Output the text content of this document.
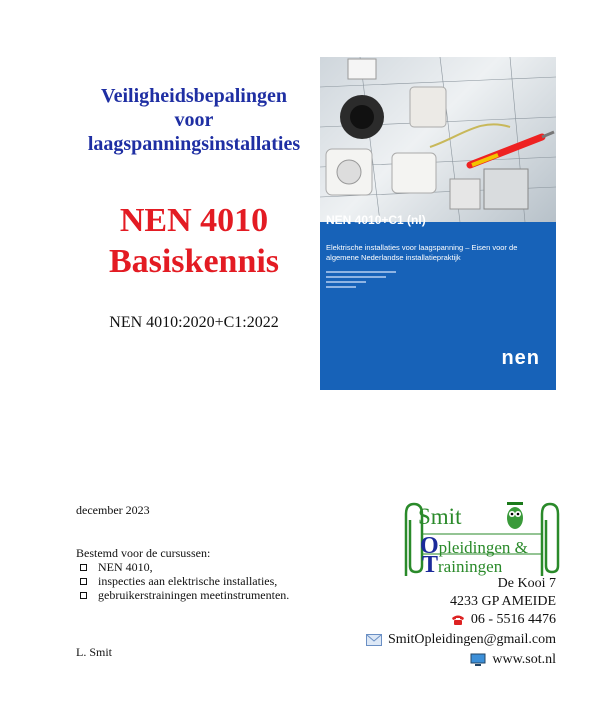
Veiligheidsbepalingen
voor
laagspanningsinstallaties
NEN 4010
Basiskennis
NEN 4010:2020+C1:2022
NEN 4010+C1 (nl)
Elektrische installaties voor laagspanning – Eisen voor de algemene Nederlandse installatiepraktijk
nen
december 2023
Bestemd voor de cursussen:
NEN 4010,
inspecties aan elektrische installaties,
gebruikerstrainingen meetinstrumenten.
L. Smit
Smit
Opleidingen &
Trainingen
De Kooi 7
4233 GP AMEIDE
06 - 5516 4476
SmitOpleidingen@gmail.com
www.sot.nl
